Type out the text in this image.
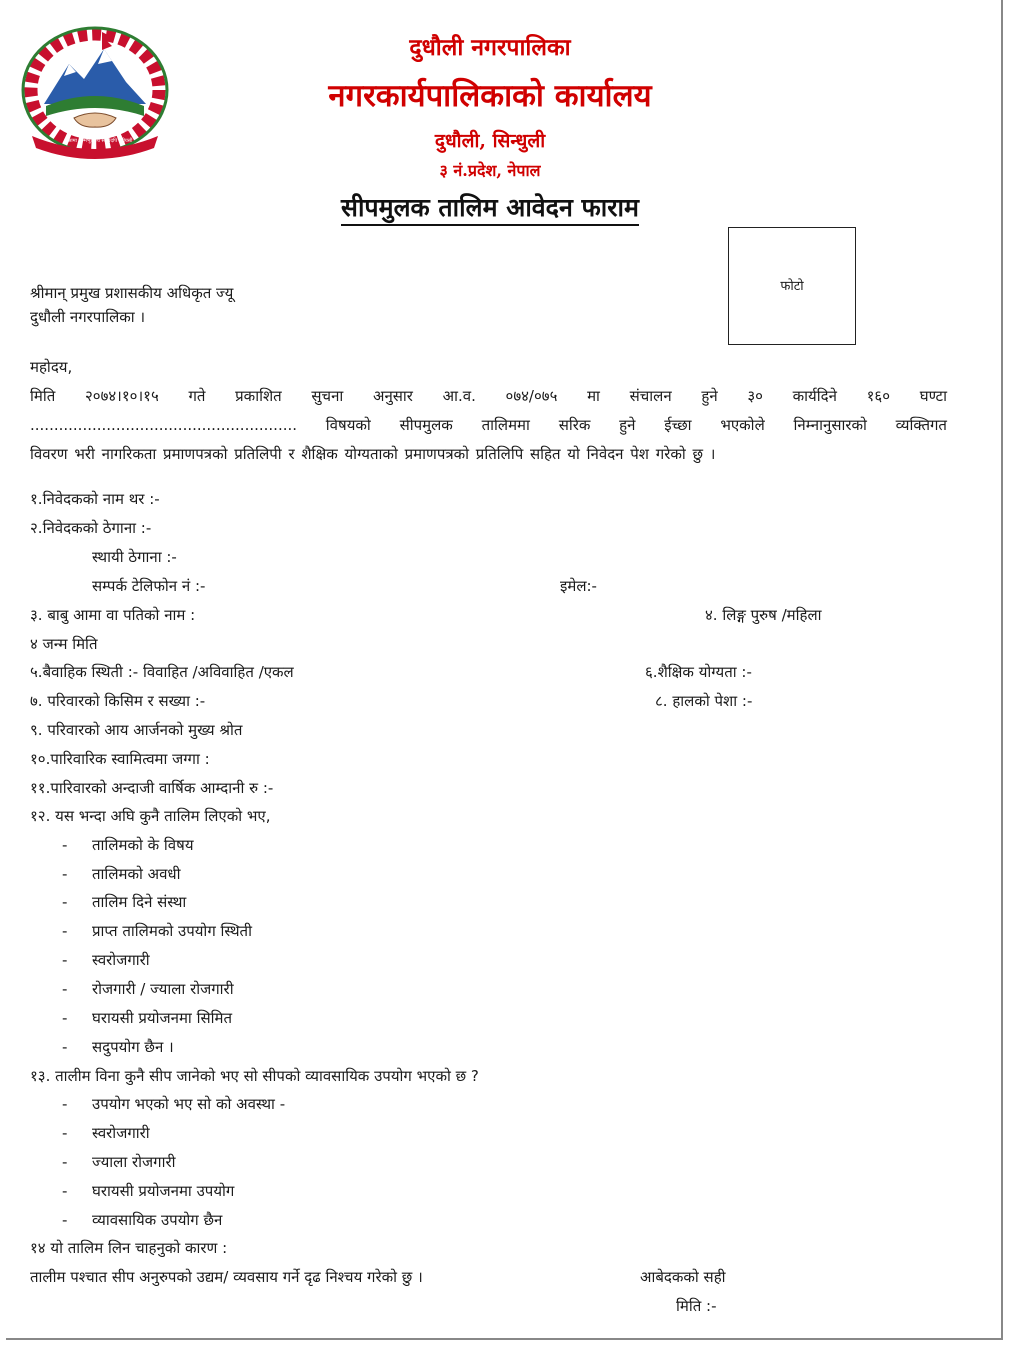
आमा जन्मभूमिश्च स्वर्गादपि गरीयसी
दुधौली नगरपालिका
नगरकार्यपालिकाको कार्यालय
दुधौली, सिन्धुली
३ नं.प्रदेश, नेपाल
सीपमुलक तालिम आवेदन फाराम
फोटो
श्रीमान् प्रमुख प्रशासकीय अधिकृत ज्यू
दुधौली नगरपालिका ।
महोदय,
मिति २०७४।१०।१५ गते प्रकाशित सुचना अनुसार आ.व. ०७४/०७५ मा संचालन हुने ३० कार्यदिने १६० घण्टा
........................................................ विषयको सीपमुलक तालिममा सरिक हुने ईच्छा भएकोले निम्नानुसारको व्यक्तिगत
विवरण भरी नागरिकता प्रमाणपत्रको प्रतिलिपी र शैक्षिक योग्यताको प्रमाणपत्रको प्रतिलिपि सहित यो निवेदन पेश गरेको छु ।
१.निवेदकको नाम थर :-
२.निवेदकको ठेगाना :-
स्थायी ठेगाना :-
सम्पर्क टेलिफोन नं :-	इमेल:-
३. बाबु आमा वा पतिको नाम :	४. लिङ्ग पुरुष /महिला
४ जन्म मिति
५.बैवाहिक स्थिती :- विवाहित /अविवाहित /एकल	६.शैक्षिक योग्यता :-
७. परिवारको किसिम र सख्या :-	८. हालको पेशा :-
९. परिवारको आय आर्जनको मुख्य श्रोत
१०.पारिवारिक स्वामित्वमा जग्गा :
११.पारिवारको अन्दाजी वार्षिक आम्दानी रु :-
१२. यस भन्दा अघि कुनै तालिम लिएको भए,
- तालिमको के विषय
- तालिमको अवधी
- तालिम दिने संस्था
- प्राप्त तालिमको उपयोग स्थिती
- स्वरोजगारी
- रोजगारी / ज्याला रोजगारी
- घरायसी प्रयोजनमा सिमित
- सदुपयोग छैन ।
१३. तालीम विना कुनै सीप जानेको भए सो सीपको व्यावसायिक उपयोग भएको छ ?
- उपयोग भएको भए सो को अवस्था -
- स्वरोजगारी
- ज्याला रोजगारी
- घरायसी प्रयोजनमा उपयोग
- व्यावसायिक उपयोग छैन
१४ यो तालिम लिन चाहनुको कारण :
तालीम पश्चात सीप अनुरुपको उद्यम/ व्यवसाय गर्ने दृढ निश्चय गरेको छु ।	आबेदकको सही
मिति :-
